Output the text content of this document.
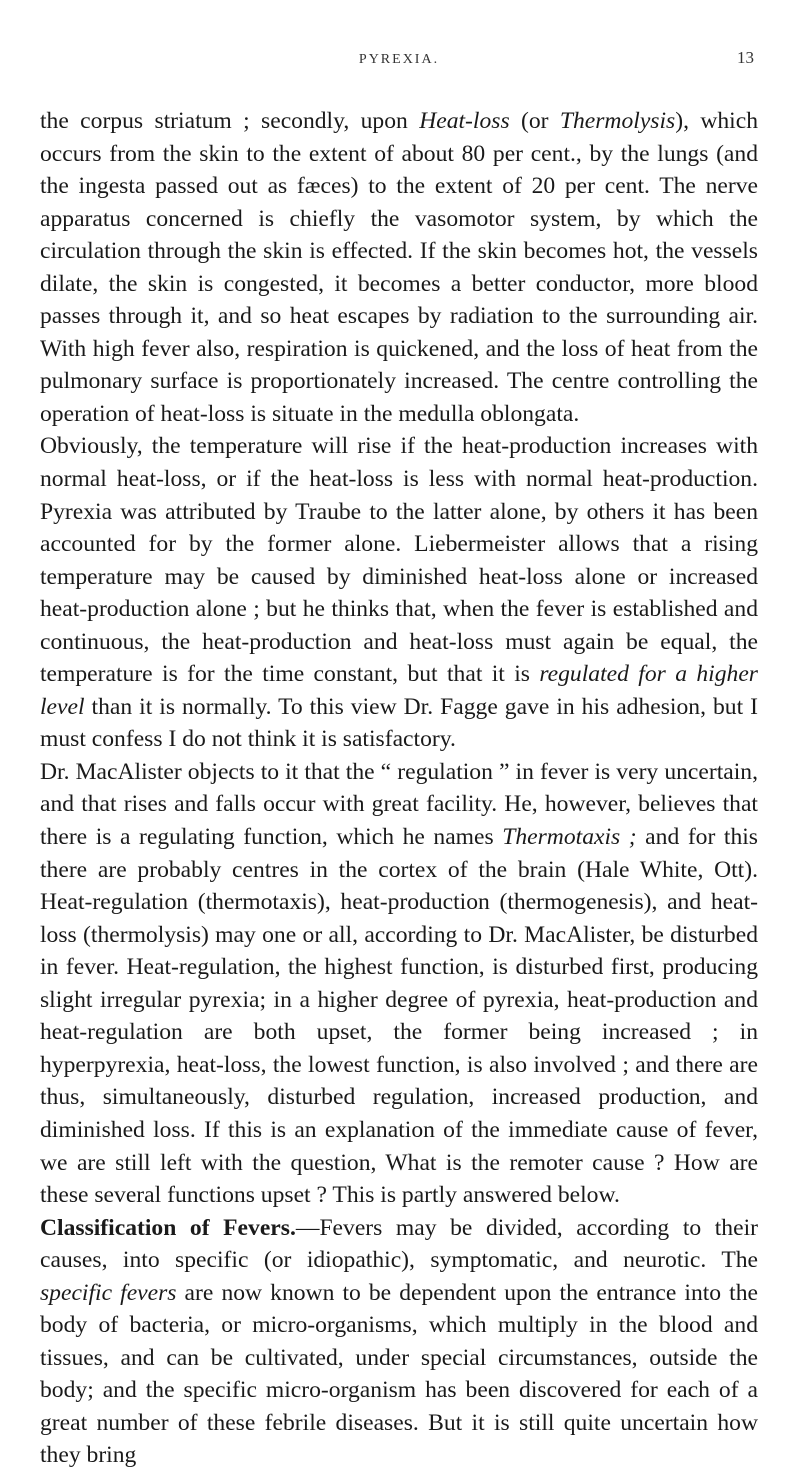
PYREXIA.	13

the corpus striatum ; secondly, upon Heat-loss (or Thermolysis), which occurs from the skin to the extent of about 80 per cent., by the lungs (and the ingesta passed out as fæces) to the extent of 20 per cent. The nerve apparatus concerned is chiefly the vasomotor system, by which the circulation through the skin is effected. If the skin becomes hot, the vessels dilate, the skin is congested, it becomes a better conductor, more blood passes through it, and so heat escapes by radiation to the surrounding air. With high fever also, respiration is quickened, and the loss of heat from the pulmonary surface is proportionately increased. The centre controlling the operation of heat-loss is situate in the medulla oblongata.

Obviously, the temperature will rise if the heat-production increases with normal heat-loss, or if the heat-loss is less with normal heat-production. Pyrexia was attributed by Traube to the latter alone, by others it has been accounted for by the former alone. Liebermeister allows that a rising temperature may be caused by diminished heat-loss alone or increased heat-production alone ; but he thinks that, when the fever is established and continuous, the heat-production and heat-loss must again be equal, the temperature is for the time constant, but that it is regulated for a higher level than it is normally. To this view Dr. Fagge gave in his adhesion, but I must confess I do not think it is satisfactory.

Dr. MacAlister objects to it that the “ regulation ” in fever is very uncertain, and that rises and falls occur with great facility. He, however, believes that there is a regulating function, which he names Thermotaxis ; and for this there are probably centres in the cortex of the brain (Hale White, Ott). Heat-regulation (thermotaxis), heat-production (thermogenesis), and heat-loss (thermolysis) may one or all, according to Dr. MacAlister, be disturbed in fever. Heat-regulation, the highest function, is disturbed first, producing slight irregular pyrexia; in a higher degree of pyrexia, heat-production and heat-regulation are both upset, the former being increased ; in hyperpyrexia, heat-loss, the lowest function, is also involved ; and there are thus, simultaneously, disturbed regulation, increased production, and diminished loss. If this is an explanation of the immediate cause of fever, we are still left with the question, What is the remoter cause ? How are these several functions upset ? This is partly answered below.

Classification of Fevers.—Fevers may be divided, according to their causes, into specific (or idiopathic), symptomatic, and neurotic. The specific fevers are now known to be dependent upon the entrance into the body of bacteria, or micro-organisms, which multiply in the blood and tissues, and can be cultivated, under special circumstances, outside the body; and the specific micro-organism has been discovered for each of a great number of these febrile diseases. But it is still quite uncertain how they bring
